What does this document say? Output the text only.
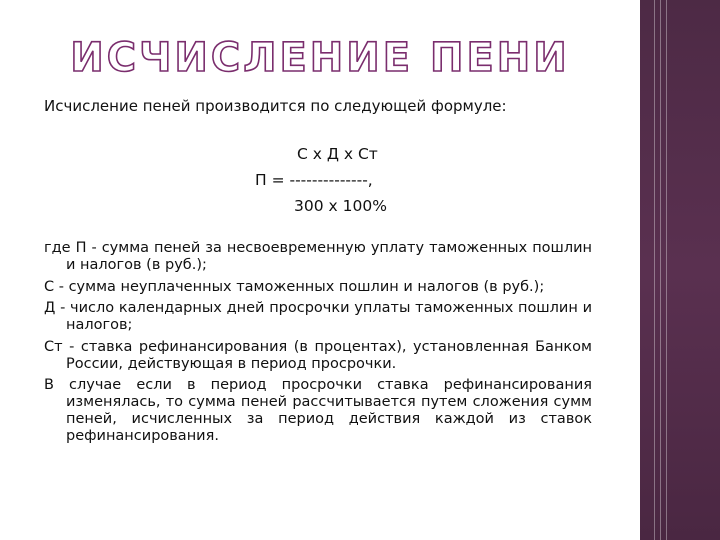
ИСЧИСЛЕНИЕ ПЕНИ
Исчисление пеней производится по следующей формуле:
С х Д х Ст
П = --------------,
300 х 100%

где П - сумма пеней за несвоевременную уплату таможенных пошлин и налогов (в руб.);

С - сумма неуплаченных таможенных пошлин и налогов (в руб.);

Д - число календарных дней просрочки уплаты таможенных пошлин и налогов;

Ст - ставка рефинансирования (в процентах), установленная Банком России, действующая в период просрочки.

В случае если в период просрочки ставка рефинансирования изменялась, то сумма пеней рассчитывается путем сложения сумм пеней, исчисленных за период действия каждой из ставок рефинансирования.
